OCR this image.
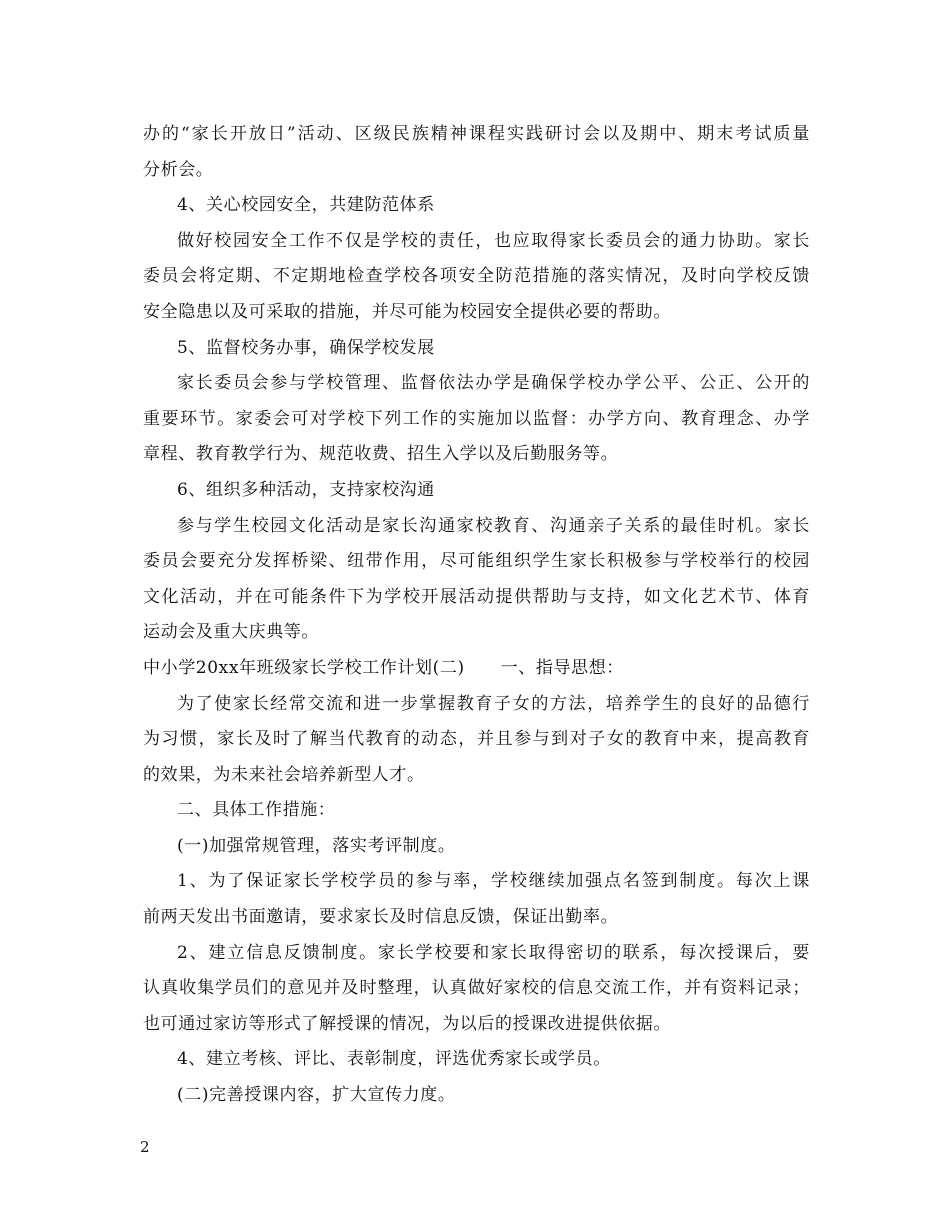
办的“家长开放日”活动、区级民族精神课程实践研讨会以及期中、期末考试质量
分析会。
4、关心校园安全，共建防范体系
做好校园安全工作不仅是学校的责任，也应取得家长委员会的通力协助。家长
委员会将定期、不定期地检查学校各项安全防范措施的落实情况，及时向学校反馈
安全隐患以及可采取的措施，并尽可能为校园安全提供必要的帮助。
5、监督校务办事，确保学校发展
家长委员会参与学校管理、监督依法办学是确保学校办学公平、公正、公开的
重要环节。家委会可对学校下列工作的实施加以监督：办学方向、教育理念、办学
章程、教育教学行为、规范收费、招生入学以及后勤服务等。
6、组织多种活动，支持家校沟通
参与学生校园文化活动是家长沟通家校教育、沟通亲子关系的最佳时机。家长
委员会要充分发挥桥梁、纽带作用，尽可能组织学生家长积极参与学校举行的校园
文化活动，并在可能条件下为学校开展活动提供帮助与支持，如文化艺术节、体育
运动会及重大庆典等。
中小学20xx年班级家长学校工作计划(二)      一、指导思想：
为了使家长经常交流和进一步掌握教育子女的方法，培养学生的良好的品德行
为习惯，家长及时了解当代教育的动态，并且参与到对子女的教育中来，提高教育
的效果，为未来社会培养新型人才。
二、具体工作措施：
(一)加强常规管理，落实考评制度。
1、为了保证家长学校学员的参与率，学校继续加强点名签到制度。每次上课
前两天发出书面邀请，要求家长及时信息反馈，保证出勤率。
2、建立信息反馈制度。家长学校要和家长取得密切的联系，每次授课后，要
认真收集学员们的意见并及时整理，认真做好家校的信息交流工作，并有资料记录；
也可通过家访等形式了解授课的情况，为以后的授课改进提供依据。
4、建立考核、评比、表彰制度，评选优秀家长或学员。
(二)完善授课内容，扩大宣传力度。
2
